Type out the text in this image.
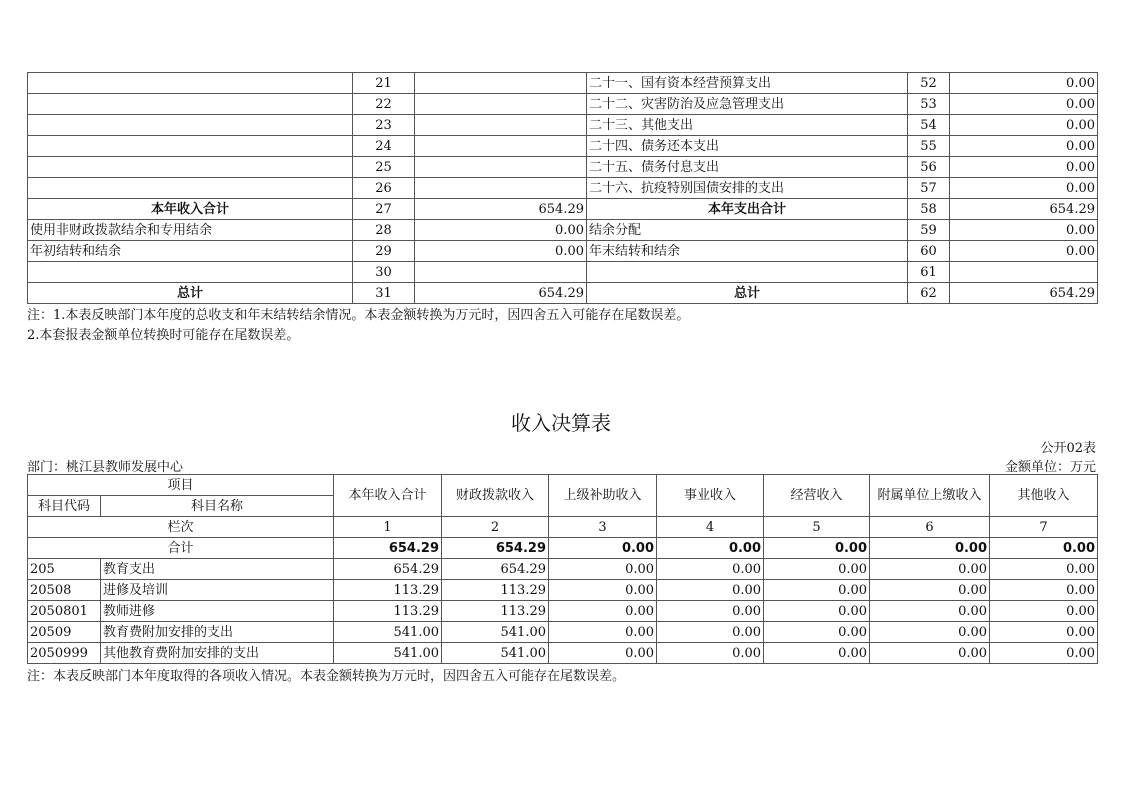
	21		二十一、国有资本经营预算支出	52	0.00
	22		二十二、灾害防治及应急管理支出	53	0.00
	23		二十三、其他支出	54	0.00
	24		二十四、债务还本支出	55	0.00
	25		二十五、债务付息支出	56	0.00
	26		二十六、抗疫特别国债安排的支出	57	0.00
本年收入合计	27	654.29	本年支出合计	58	654.29
使用非财政拨款结余和专用结余	28	0.00	结余分配	59	0.00
年初结转和结余	29	0.00	年末结转和结余	60	0.00
	30			61	
总计	31	654.29	总计	62	654.29
注：1.本表反映部门本年度的总收支和年末结转结余情况。本表金额转换为万元时，因四舍五入可能存在尾数误差。
2.本套报表金额单位转换时可能存在尾数误差。
收入决算表
公开02表
部门：桃江县教师发展中心	金额单位：万元
项目		本年收入合计	财政拨款收入	上级补助收入	事业收入	经营收入	附属单位上缴收入	其他收入
科目代码	科目名称							
栏次		1	2	3	4	5	6	7
合计		654.29	654.29	0.00	0.00	0.00	0.00	0.00
205	教育支出	654.29	654.29	0.00	0.00	0.00	0.00	0.00
20508	进修及培训	113.29	113.29	0.00	0.00	0.00	0.00	0.00
2050801	教师进修	113.29	113.29	0.00	0.00	0.00	0.00	0.00
20509	教育费附加安排的支出	541.00	541.00	0.00	0.00	0.00	0.00	0.00
2050999	其他教育费附加安排的支出	541.00	541.00	0.00	0.00	0.00	0.00	0.00
注：本表反映部门本年度取得的各项收入情况。本表金额转换为万元时，因四舍五入可能存在尾数误差。
